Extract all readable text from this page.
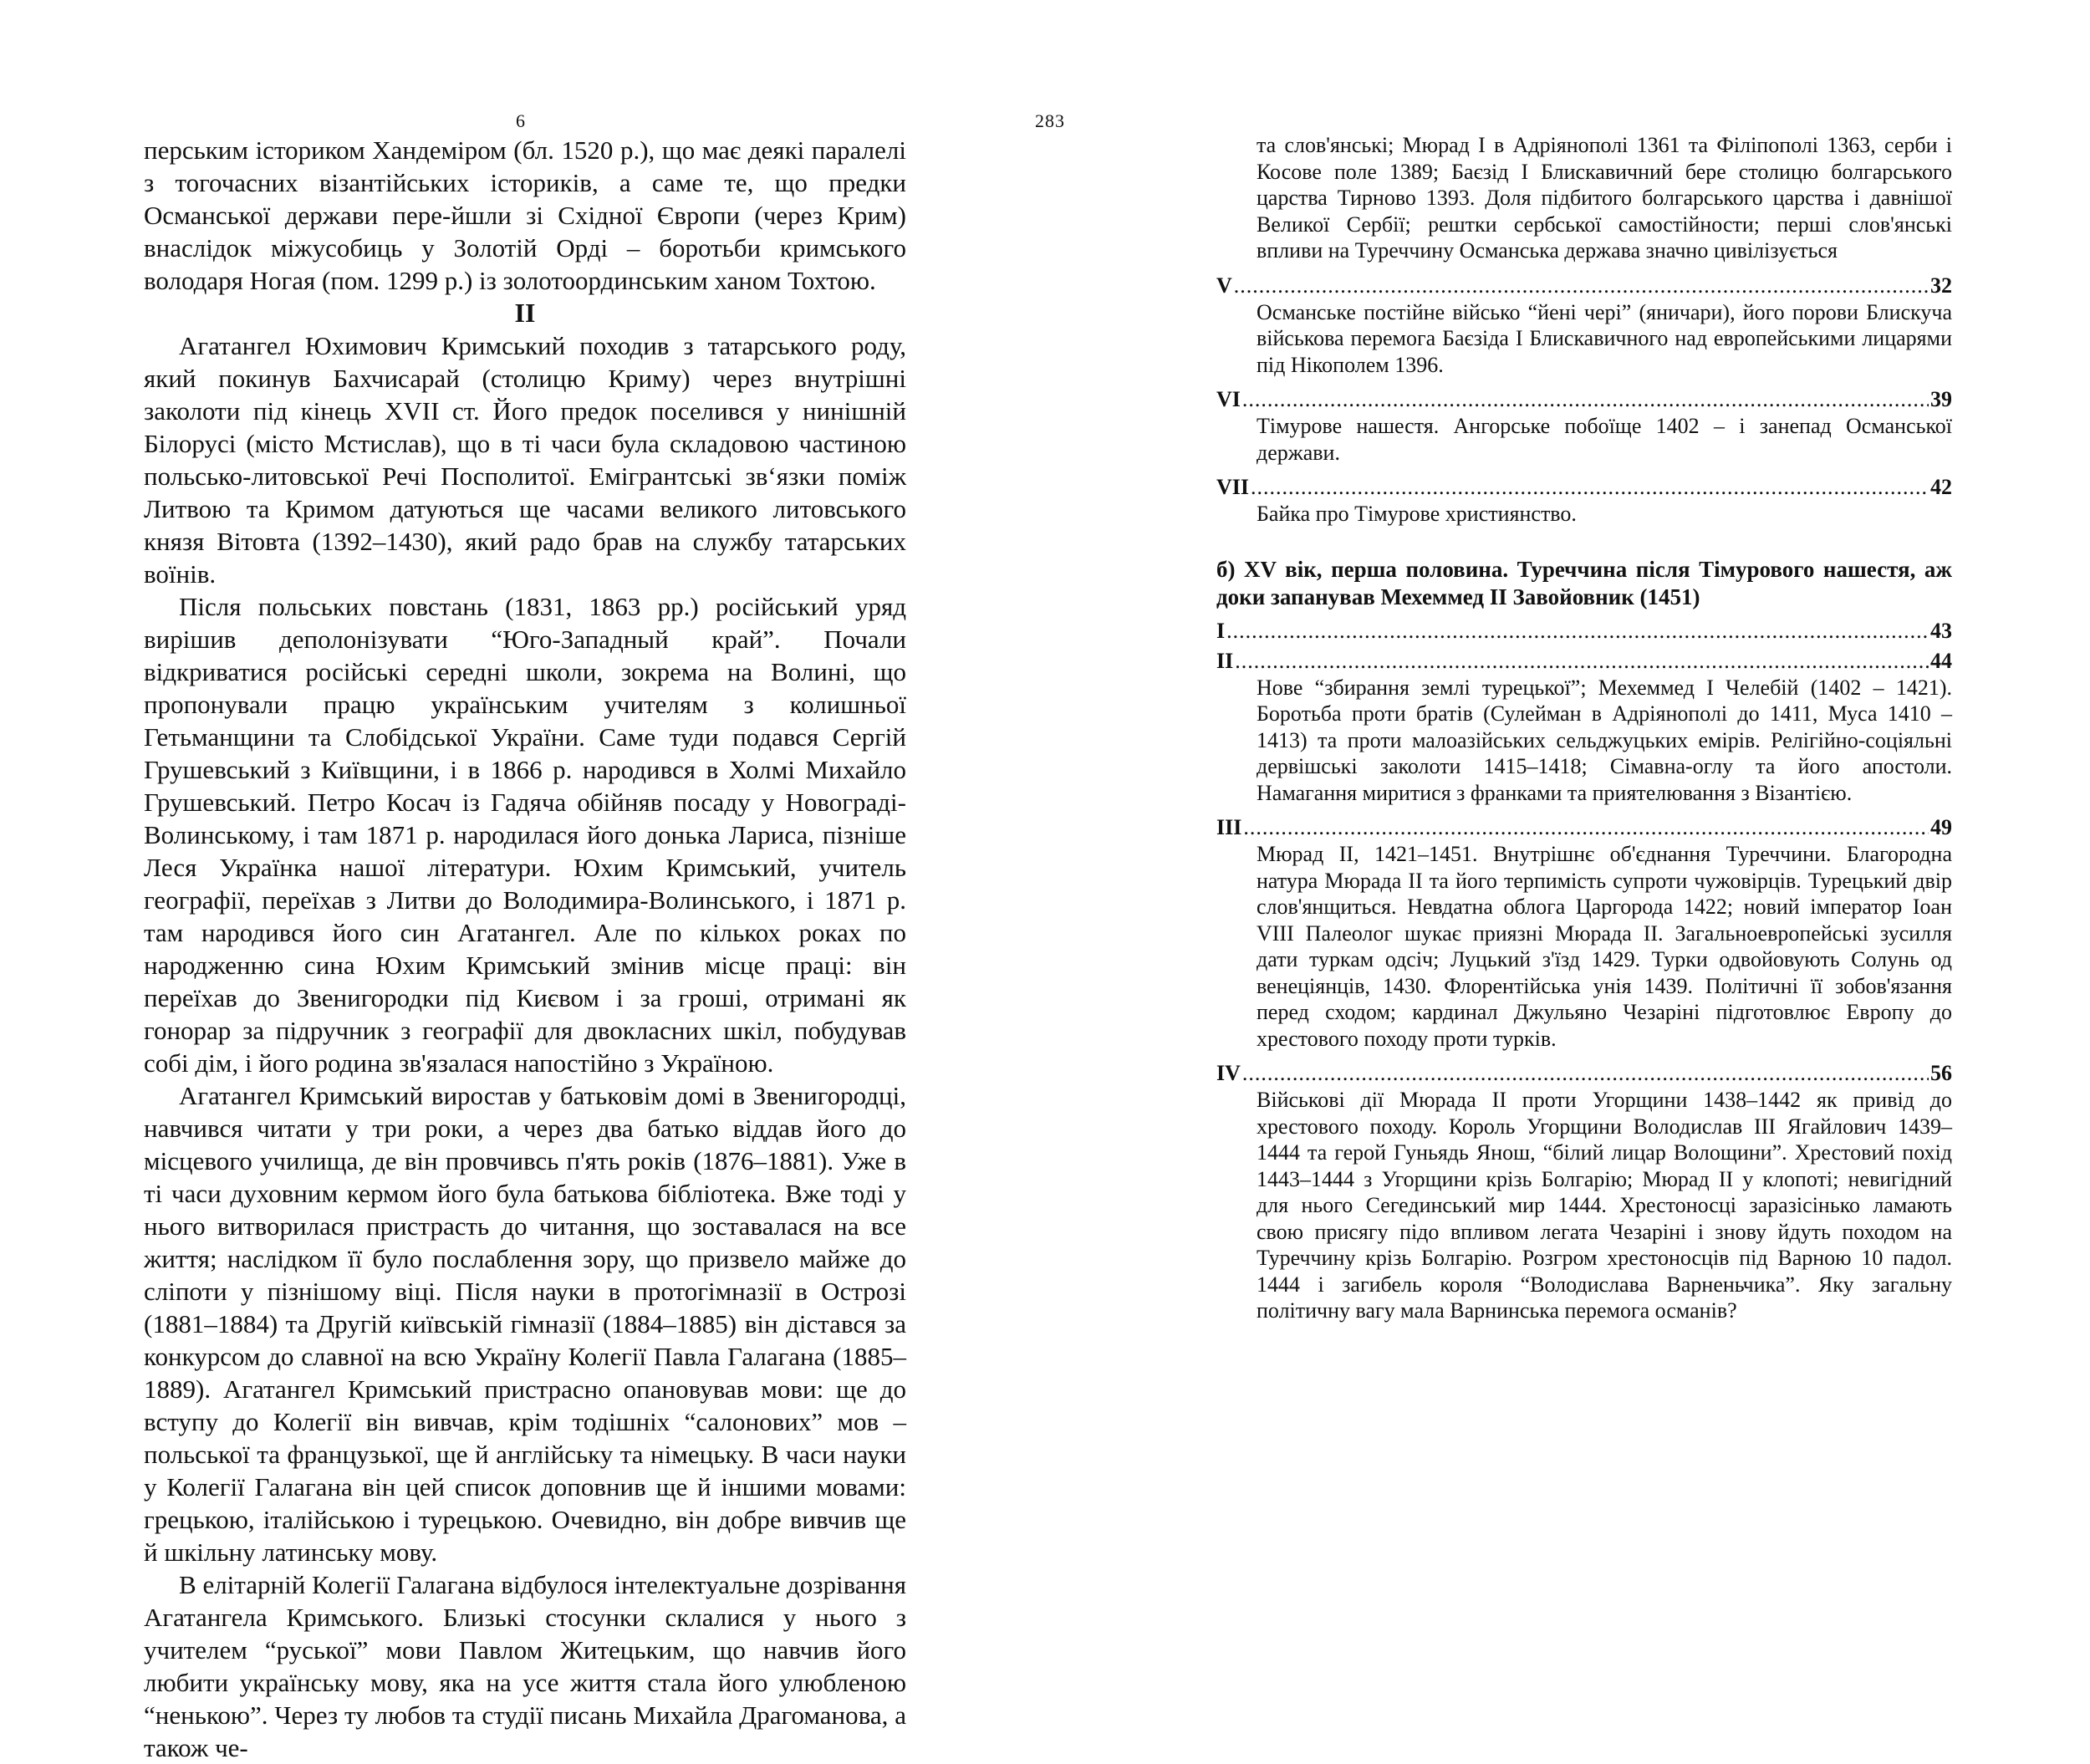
6

перським істориком Хандеміром (бл. 1520 р.), що має деякі паралелі з тогочасних візантійських істориків, а саме те, що предки Османської держави пере-йшли зі Східної Європи (через Крим) внаслідок міжусобиць у Золотій Орді – боротьби кримського володаря Ногая (пом. 1299 р.) із золотоординським ханом Тохтою.

II

Агатангел Юхимович Кримський походив з татарського роду, який покинув Бахчисарай (столицю Криму) через внутрішні заколоти під кінець XVII ст. Його предок поселився у нинішній Білорусі (місто Мстислав), що в ті часи була складовою частиною польсько-литовської Речі Посполитої. Емігрантські зв‘язки поміж Литвою та Кримом датуються ще часами великого литовського князя Вітовта (1392–1430), який радо брав на службу татарських воїнів.

Після польських повстань (1831, 1863 рр.) російський уряд вирішив деполонізувати “Юго-Западный край”. Почали відкриватися російські середні школи, зокрема на Волині, що пропонували працю українським учителям з колишньої Гетьманщини та Слобідської України. Саме туди подався Сергій Грушевський з Київщини, і в 1866 р. народився в Холмі Михайло Грушевський. Петро Косач із Гадяча обійняв посаду у Новограді-Волинському, і там 1871 р. народилася його донька Лариса, пізніше Леся Українка нашої літератури. Юхим Кримський, учитель географії, переїхав з Литви до Володимира-Волинського, і 1871 р. там народився його син Агатангел. Але по кількох роках по народженню сина Юхим Кримський змінив місце праці: він переїхав до Звенигородки під Києвом і за гроші, отримані як гонорар за підручник з географії для двокласних шкіл, побудував собі дім, і його родина зв'язалася напостійно з Україною.

Агатангел Кримський виростав у батьковім домі в Звенигородці, навчився читати у три роки, а через два батько віддав його до місцевого училища, де він провчивсь п'ять років (1876–1881). Уже в ті часи духовним кермом його була батькова бібліотека. Вже тоді у нього витворилася пристрасть до читання, що зоставалася на все життя; наслідком її було послаблення зору, що призвело майже до сліпоти у пізнішому віці. Після науки в протогімназії в Острозі (1881–1884) та Другій київській гімназії (1884–1885) він дістався за конкурсом до славної на всю Україну Колегії Павла Галагана (1885–1889). Агатангел Кримський пристрасно опановував мови: ще до вступу до Колегії він вивчав, крім тодішніх “салонових” мов – польської та французької, ще й англійську та німецьку. В часи науки у Колегії Галагана він цей список доповнив ще й іншими мовами: грецькою, італійською і турецькою. Очевидно, він добре вивчив ще й шкільну латинську мову.

В елітарній Колегії Галагана відбулося інтелектуальне дозрівання Агатангела Кримського. Близькі стосунки склалися у нього з учителем “руської” мови Павлом Житецьким, що навчив його любити українську мову, яка на усе життя стала його улюбленою “ненькою”. Через ту любов та студії писань Михайла Драгоманова, а також че-

283
та слов'янські; Мюрад I в Адріянополі 1361 та Філіпополі 1363, серби і Косове поле 1389; Баєзід I Блискавичний бере столицю болгарського царства Тирново 1393. Доля підбитого болгарського царства і давнішої Великої Сербії; рештки сербської самостійности; перші слов'янські впливи на Туреччину Османська держава значно цивілізується
V .....	32
Османське постійне військо “йені чері” (яничари), його порови Блискуча військова перемога Баєзіда I Блискавичного над европейськими лицарями під Нікополем 1396.
VI .....	39
Тімурове нашестя. Ангорське побоїще 1402 – і занепад Османської держави.
VII .....	42
Байка про Тімурове християнство.
б) XV вік, перша половина. Туреччина після Тімурового нашестя, аж доки запанував Мехеммед II Завойовник (1451)
I .....	43
II .....	44
Нове “збирання землі турецької”; Мехеммед I Челебій (1402 – 1421). Боротьба проти братів (Сулейман в Адріянополі до 1411, Муса 1410 – 1413) та проти малоазійських сельджуцьких емірів. Релігійно-соціяльні дервішські заколоти 1415–1418; Сімавна-оглу та його апостоли. Намагання миритися з франками та приятелювання з Візантією.
III .....	49
Мюрад II, 1421–1451. Внутрішнє об'єднання Туреччини. Благородна натура Мюрада II та його терпимість супроти чужовірців. Турецький двір слов'янщиться. Невдатна облога Царгорода 1422; новий імператор Іоан VIII Палеолог шукає приязні Мюрада II. Загальноевропейські зусилля дати туркам одсіч; Луцький з'їзд 1429. Турки одвойовують Солунь од венеціянців, 1430. Флорентійська унія 1439. Політичні її зобов'язання перед сходом; кардинал Джульяно Чезаріні підготовлює Европу до хрестового походу проти турків.
IV .....	56
Військові дії Мюрада II проти Угорщини 1438–1442 як привід до хрестового походу. Король Угорщини Володислав III Ягайлович 1439–1444 та герой Гуньядь Янош, “білий лицар Волощини”. Хрестовий похід 1443–1444 з Угорщини крізь Болгарію; Мюрад II у клопоті; невигідний для нього Сегединський мир 1444. Хрестоносці заразісінько ламають свою присягу підо впливом легата Чезаріні і знову йдуть походом на Туреччину крізь Болгарію. Розгром хрестоносців під Варною 10 падол. 1444 і загибель короля “Володислава Варненьчика”. Яку загальну політичну вагу мала Варнинська перемога османів?
